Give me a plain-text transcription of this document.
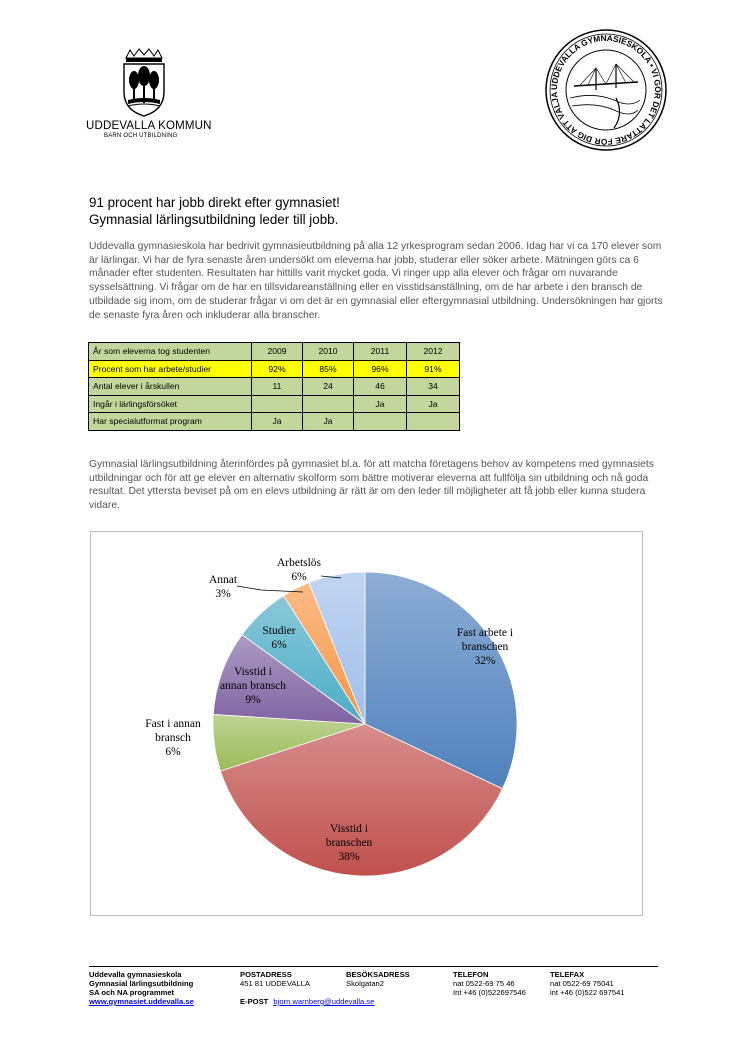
UDDEVALLA KOMMUN
BARN OCH UTBILDNING
UDDEVALLA GYMNASIESKOLA • VI GÖR DET LÄTTARE FÖR DIG ATT VÄLJA
91 procent har jobb direkt efter gymnasiet!
Gymnasial lärlingsutbildning leder till jobb.
Uddevalla gymnasieskola har bedrivit gymnasieutbildning på alla 12 yrkesprogram sedan 2006. Idag har vi ca 170 elever som är lärlingar. Vi har de fyra senaste åren undersökt om eleverna har jobb, studerar eller söker arbete. Mätningen görs ca 6 månader efter studenten. Resultaten har hittills varit mycket goda. Vi ringer upp alla elever och frågar om nuvarande sysselsättning. Vi frågar om de har en tillsvidareanställning eller en visstidsanställning, om de har arbete i den bransch de utbildade sig inom, om de studerar frågar vi om det är en gymnasial eller eftergymnasial utbildning. Undersökningen har gjorts de senaste fyra åren och inkluderar alla branscher.
År som eleverna tog studenten	2009	2010	2011	2012
Procent som har arbete/studier	92%	85%	96%	91%
Antal elever i årskullen	11	24	46	34
Ingår i lärlingsförsöket			Ja	Ja
Har specialutformat program	Ja	Ja		
Gymnasial lärlingsutbildning återinfördes på gymnasiet bl.a. för att matcha företagens behov av kompetens med gymnasiets utbildningar och för att ge elever en alternativ skolform som bättre motiverar eleverna att fullfölja sin utbildning och nå goda resultat. Det yttersta beviset på om en elevs utbildning är rätt är om den leder till möjligheter att få jobb eller kunna studera vidare.
Fast arbete i branschen 32%
Visstid i branschen 38%
Fast i annan bransch 6%
Visstid i annan bransch 9%
Studier 6%
Annat 3%
Arbetslös 6%
Uddevalla gymnasieskola
Gymnasial lärlingsutbildning
SA och NA programmet
www.gymnasiet.uddevalla.se
POSTADRESS
451 81 UDDEVALLA
E-POST bjorn.warnberg@uddevalla.se
BESÖKSADRESS
Skolgatan2
TELEFON
nat 0522-69 75 46
Int +46 (0)522697546
TELEFAX
nat 0522-69 75041
int +46 (0)522 697541
